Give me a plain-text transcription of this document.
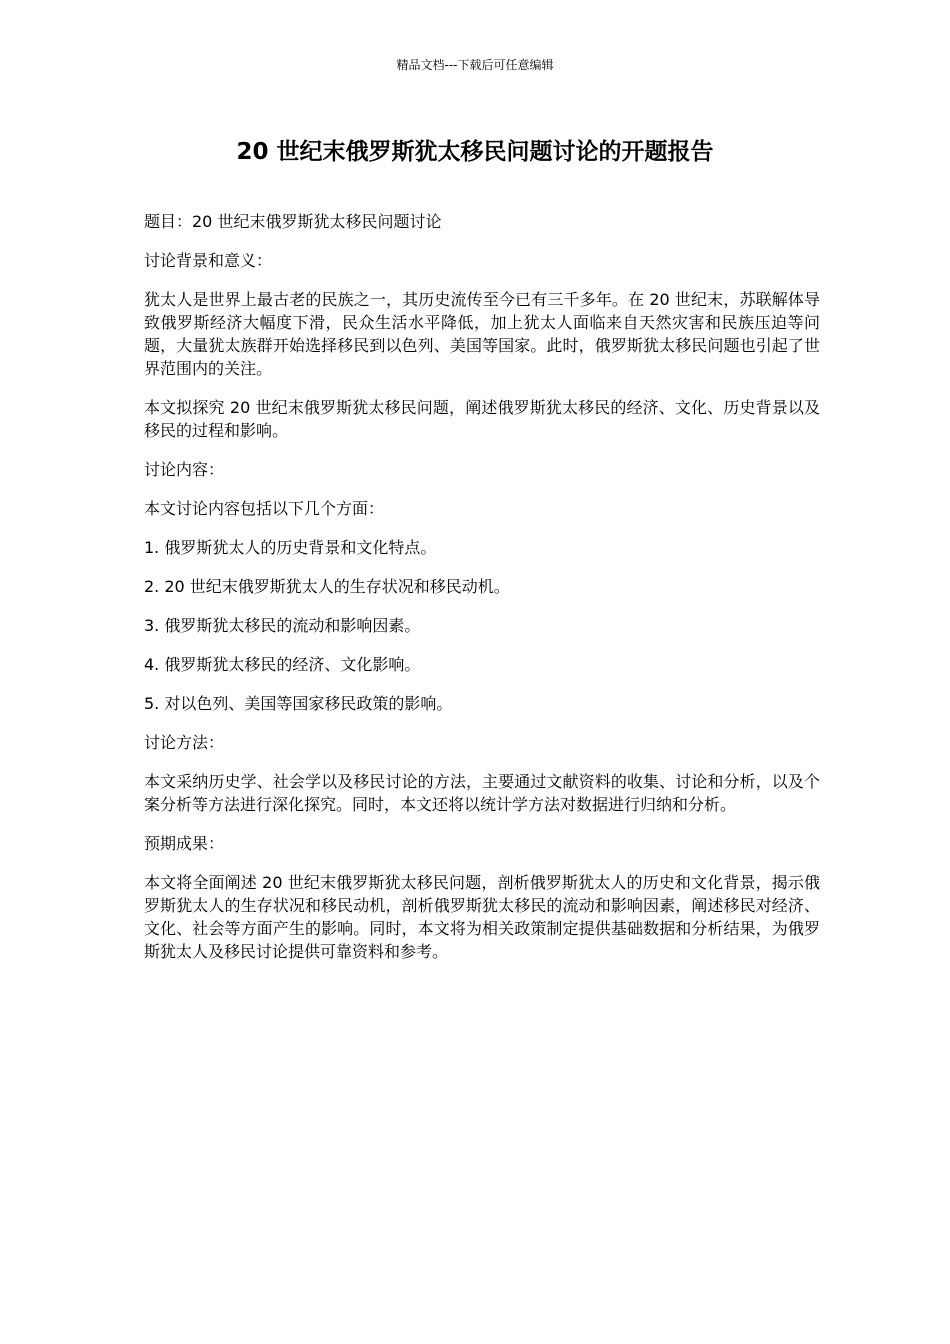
精品文档---下载后可任意编辑
20 世纪末俄罗斯犹太移民问题讨论的开题报告

题目：20 世纪末俄罗斯犹太移民问题讨论

讨论背景和意义：

犹太人是世界上最古老的民族之一，其历史流传至今已有三千多年。在 20 世纪末，苏联解体导致俄罗斯经济大幅度下滑，民众生活水平降低，加上犹太人面临来自天然灾害和民族压迫等问题，大量犹太族群开始选择移民到以色列、美国等国家。此时，俄罗斯犹太移民问题也引起了世界范围内的关注。

本文拟探究 20 世纪末俄罗斯犹太移民问题，阐述俄罗斯犹太移民的经济、文化、历史背景以及移民的过程和影响。

讨论内容：

本文讨论内容包括以下几个方面：

1. 俄罗斯犹太人的历史背景和文化特点。

2. 20 世纪末俄罗斯犹太人的生存状况和移民动机。

3. 俄罗斯犹太移民的流动和影响因素。

4. 俄罗斯犹太移民的经济、文化影响。

5. 对以色列、美国等国家移民政策的影响。

讨论方法：

本文采纳历史学、社会学以及移民讨论的方法，主要通过文献资料的收集、讨论和分析，以及个案分析等方法进行深化探究。同时，本文还将以统计学方法对数据进行归纳和分析。

预期成果：

本文将全面阐述 20 世纪末俄罗斯犹太移民问题，剖析俄罗斯犹太人的历史和文化背景，揭示俄罗斯犹太人的生存状况和移民动机，剖析俄罗斯犹太移民的流动和影响因素，阐述移民对经济、文化、社会等方面产生的影响。同时，本文将为相关政策制定提供基础数据和分析结果，为俄罗斯犹太人及移民讨论提供可靠资料和参考。
